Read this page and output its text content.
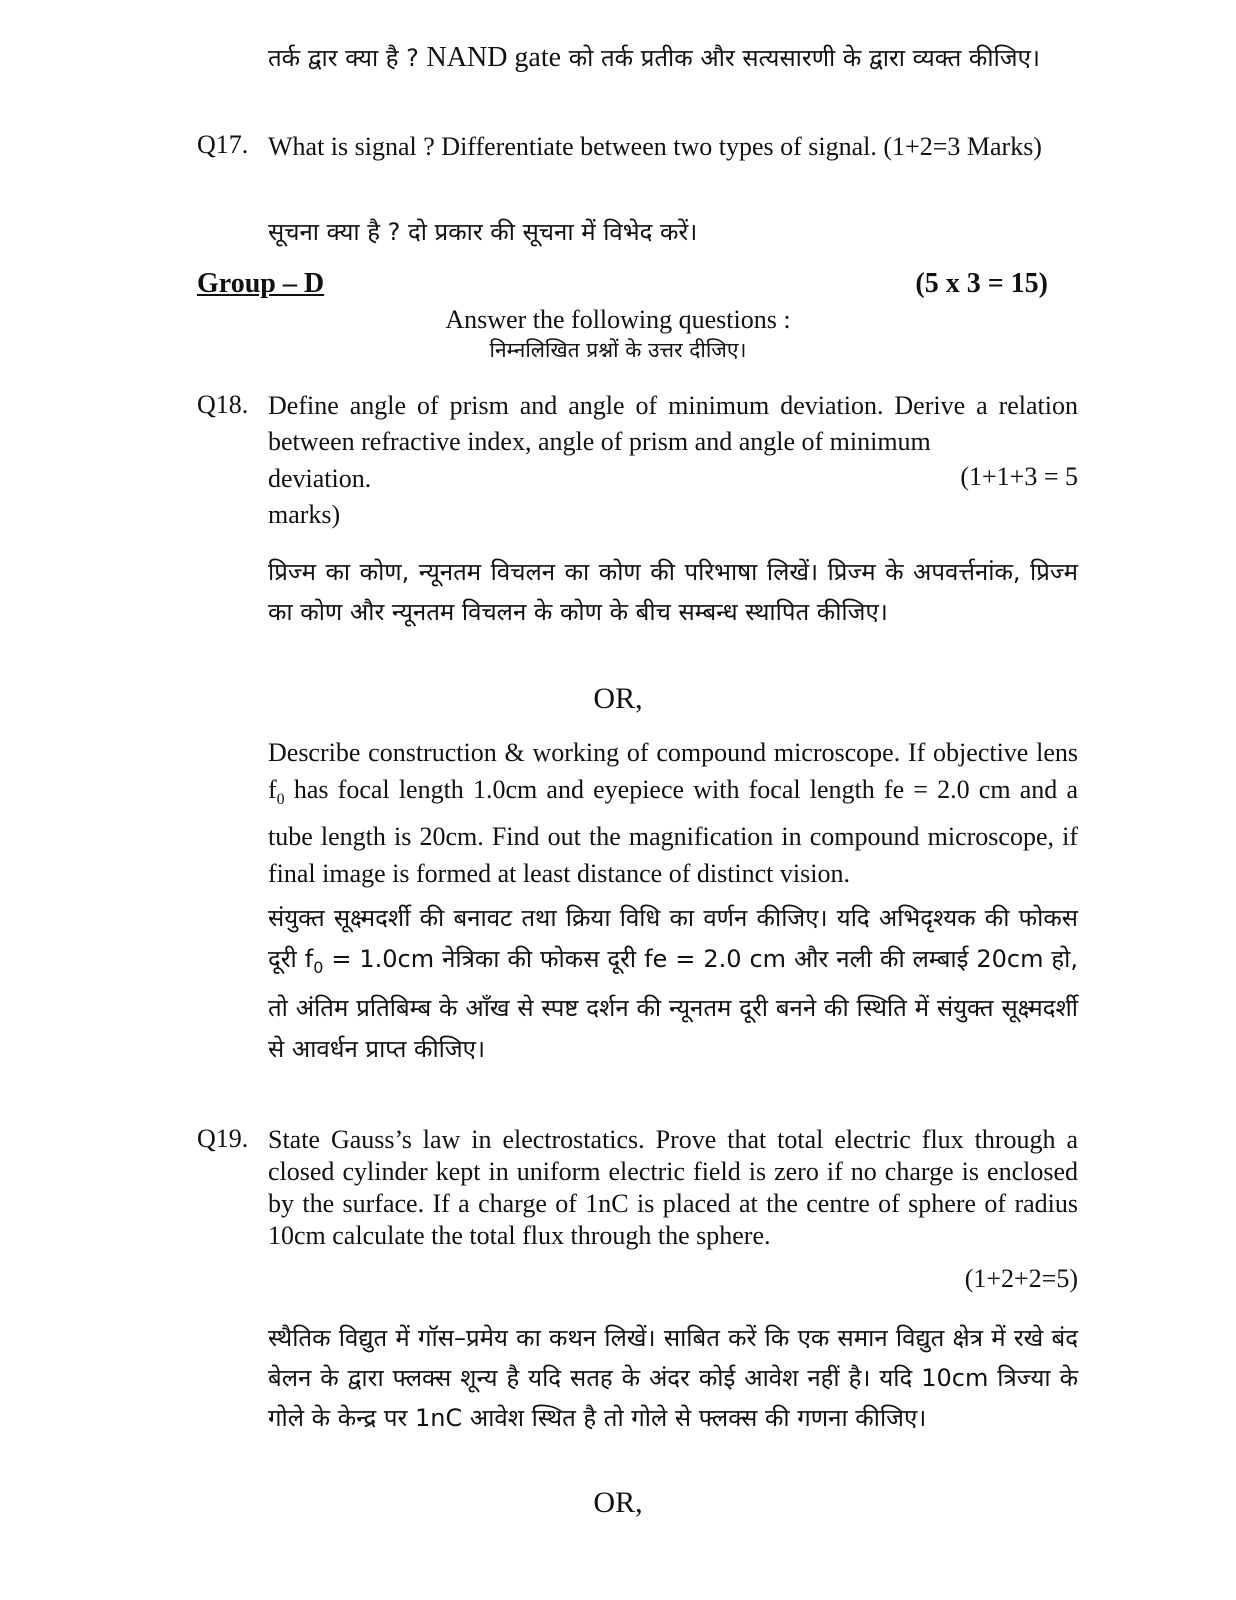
तर्क द्वार क्या है ? NAND gate को तर्क प्रतीक और सत्यसारणी के द्वारा व्यक्त कीजिए।
Q17. What is signal ? Differentiate between two types of signal. (1+2=3 Marks)
सूचना क्या है ? दो प्रकार की सूचना में विभेद करें।
Group – D	(5 x 3 = 15)
Answer the following questions :
निम्नलिखित प्रश्नों के उत्तर दीजिए।
Q18. Define angle of prism and angle of minimum deviation. Derive a relation between refractive index, angle of prism and angle of minimum
deviation.	(1+1+3 = 5
marks)
प्रिज्म का कोण, न्यूनतम विचलन का कोण की परिभाषा लिखें। प्रिज्म के अपवर्त्तनांक, प्रिज्म का कोण और न्यूनतम विचलन के कोण के बीच सम्बन्ध स्थापित कीजिए।
OR,
Describe construction & working of compound microscope. If objective lens $f_0$ has focal length 1.0cm and eyepiece with focal length fe = 2.0 cm and a tube length is 20cm. Find out the magnification in compound microscope, if final image is formed at least distance of distinct vision.
संयुक्त सूक्ष्मदर्शी की बनावट तथा क्रिया विधि का वर्णन कीजिए। यदि अभिदृश्यक की फोकस दूरी $f_0 = 1.0cm$ नेत्रिका की फोकस दूरी fe = 2.0 cm और नली की लम्बाई 20cm हो, तो अंतिम प्रतिबिम्ब के आँख से स्पष्ट दर्शन की न्यूनतम दूरी बनने की स्थिति में संयुक्त सूक्ष्मदर्शी से आवर्धन प्राप्त कीजिए।
Q19. State Gauss’s law in electrostatics. Prove that total electric flux through a closed cylinder kept in uniform electric field is zero if no charge is enclosed by the surface. If a charge of 1nC is placed at the centre of sphere of radius 10cm calculate the total flux through the sphere.
(1+2+2=5)
स्थैतिक विद्युत में गॉस–प्रमेय का कथन लिखें। साबित करें कि एक समान विद्युत क्षेत्र में रखे बंद बेलन के द्वारा फ्लक्स शून्य है यदि सतह के अंदर कोई आवेश नहीं है। यदि 10cm त्रिज्या के गोले के केन्द्र पर 1nC आवेश स्थित है तो गोले से फ्लक्स की गणना कीजिए।
OR,
